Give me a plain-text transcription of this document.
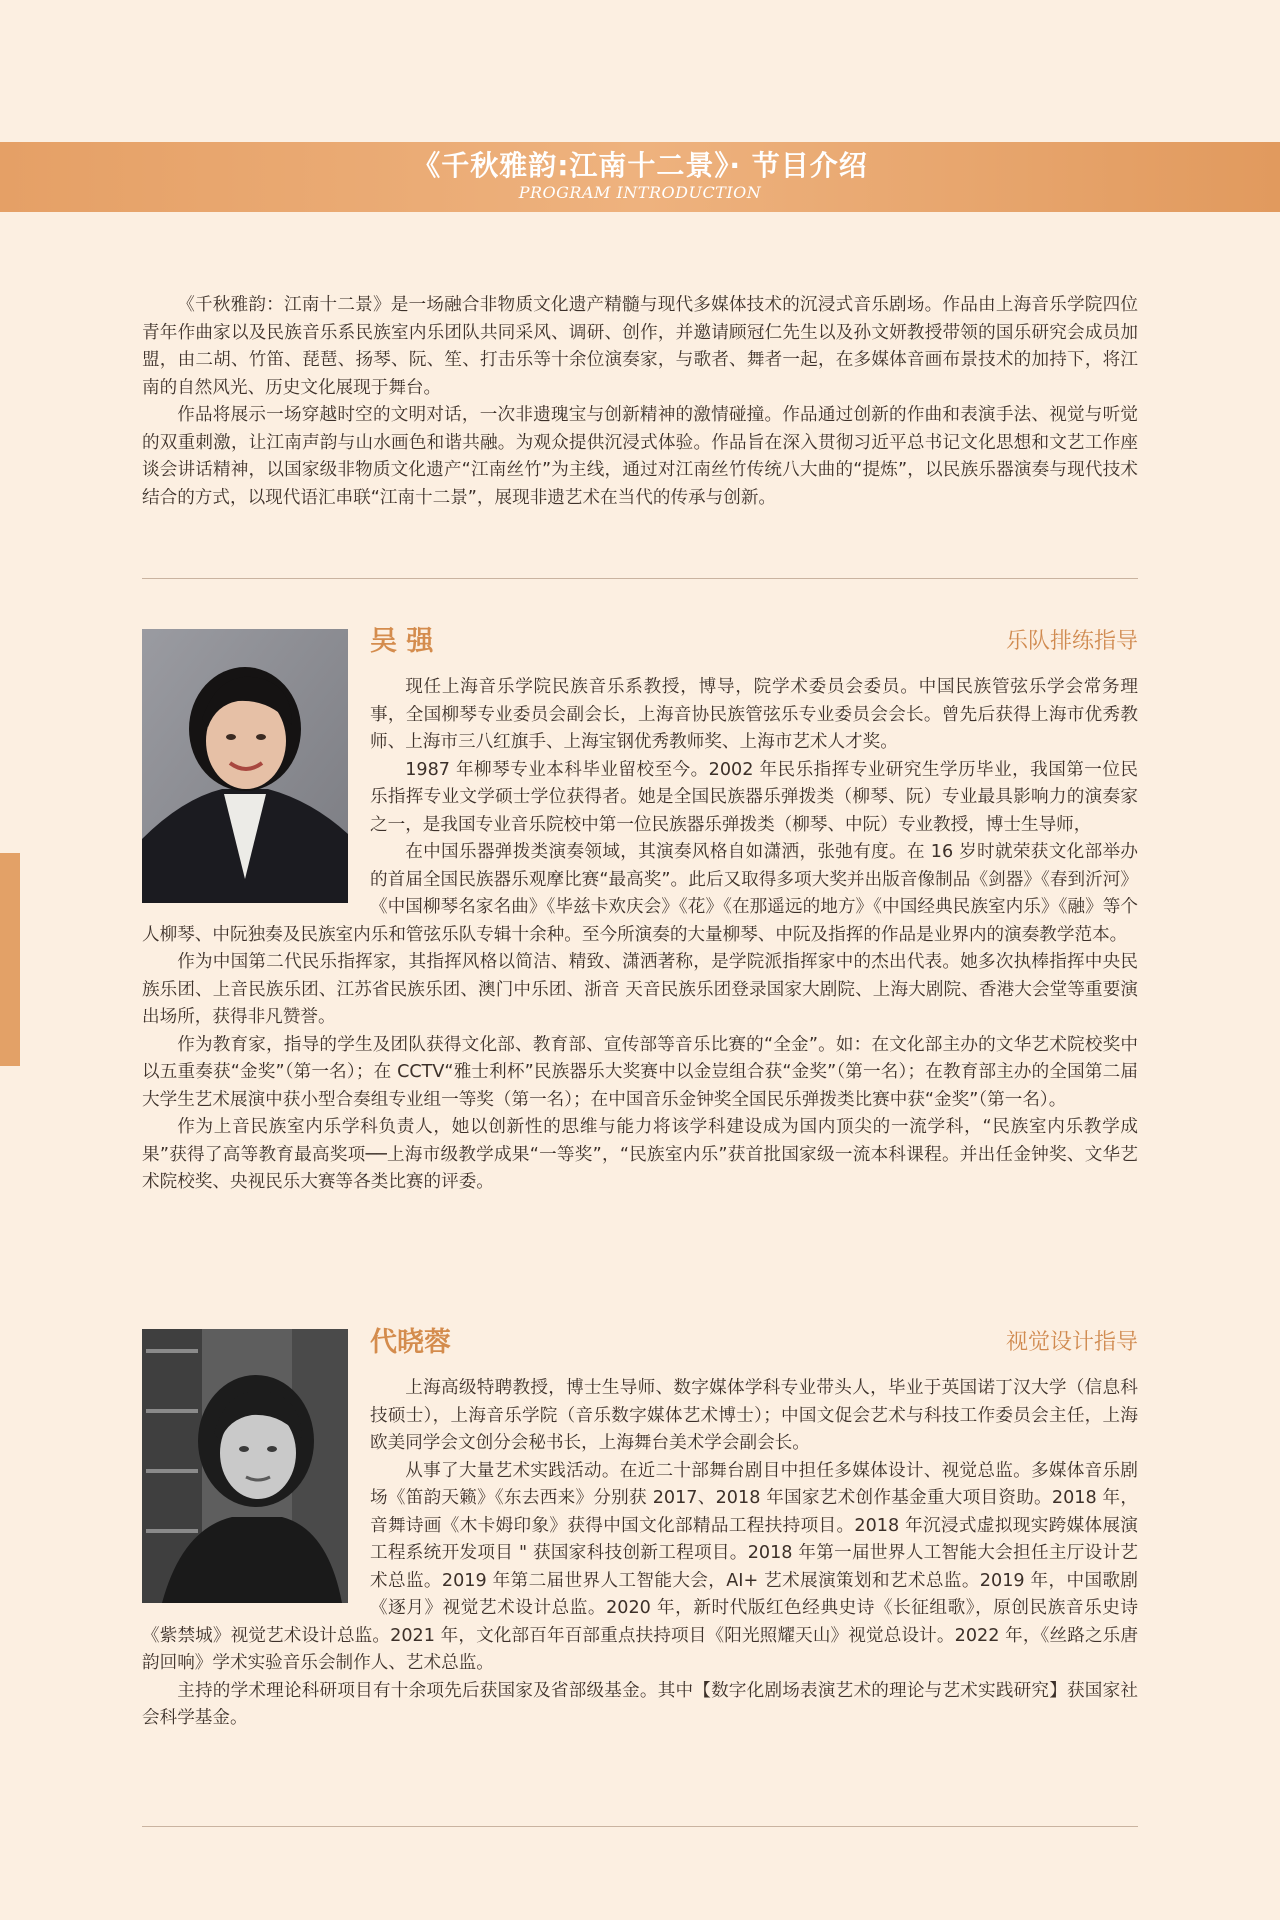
《千秋雅韵:江南十二景》· 节目介绍
PROGRAM INTRODUCTION

《千秋雅韵：江南十二景》是一场融合非物质文化遗产精髓与现代多媒体技术的沉浸式音乐剧场。作品由上海音乐学院四位青年作曲家以及民族音乐系民族室内乐团队共同采风、调研、创作，并邀请顾冠仁先生以及孙文妍教授带领的国乐研究会成员加盟，由二胡、竹笛、琵琶、扬琴、阮、笙、打击乐等十余位演奏家，与歌者、舞者一起，在多媒体音画布景技术的加持下，将江南的自然风光、历史文化展现于舞台。

作品将展示一场穿越时空的文明对话，一次非遗瑰宝与创新精神的激情碰撞。作品通过创新的作曲和表演手法、视觉与听觉的双重刺激，让江南声韵与山水画色和谐共融。为观众提供沉浸式体验。作品旨在深入贯彻习近平总书记文化思想和文艺工作座谈会讲话精神，以国家级非物质文化遗产“江南丝竹”为主线，通过对江南丝竹传统八大曲的“提炼”，以民族乐器演奏与现代技术结合的方式，以现代语汇串联“江南十二景”，展现非遗艺术在当代的传承与创新。

吴 强	乐队排练指导

现任上海音乐学院民族音乐系教授，博导，院学术委员会委员。中国民族管弦乐学会常务理事，全国柳琴专业委员会副会长，上海音协民族管弦乐专业委员会会长。曾先后获得上海市优秀教师、上海市三八红旗手、上海宝钢优秀教师奖、上海市艺术人才奖。

1987 年柳琴专业本科毕业留校至今。2002 年民乐指挥专业研究生学历毕业，我国第一位民乐指挥专业文学硕士学位获得者。她是全国民族器乐弹拨类（柳琴、阮）专业最具影响力的演奏家之一，是我国专业音乐院校中第一位民族器乐弹拨类（柳琴、中阮）专业教授，博士生导师，

在中国乐器弹拨类演奏领域，其演奏风格自如潇洒，张弛有度。在 16 岁时就荣获文化部举办的首届全国民族器乐观摩比赛“最高奖”。此后又取得多项大奖并出版音像制品《剑器》《春到沂河》《中国柳琴名家名曲》《毕兹卡欢庆会》《花》《在那遥远的地方》《中国经典民族室内乐》《融》等个人柳琴、中阮独奏及民族室内乐和管弦乐队专辑十余种。至今所演奏的大量柳琴、中阮及指挥的作品是业界内的演奏教学范本。

作为中国第二代民乐指挥家，其指挥风格以简洁、精致、潇洒著称，是学院派指挥家中的杰出代表。她多次执棒指挥中央民族乐团、上音民族乐团、江苏省民族乐团、澳门中乐团、浙音 天音民族乐团登录国家大剧院、上海大剧院、香港大会堂等重要演出场所，获得非凡赞誉。

作为教育家，指导的学生及团队获得文化部、教育部、宣传部等音乐比赛的“全金”。如：在文化部主办的文华艺术院校奖中以五重奏获“金奖”（第一名）；在 CCTV“雅士利杯”民族器乐大奖赛中以金豈组合获“金奖”（第一名）；在教育部主办的全国第二届大学生艺术展演中获小型合奏组专业组一等奖（第一名）；在中国音乐金钟奖全国民乐弹拨类比赛中获“金奖”（第一名）。

作为上音民族室内乐学科负责人，她以创新性的思维与能力将该学科建设成为国内顶尖的一流学科，“民族室内乐教学成果”获得了高等教育最高奖项──上海市级教学成果“一等奖”，“民族室内乐”获首批国家级一流本科课程。并出任金钟奖、文华艺术院校奖、央视民乐大赛等各类比赛的评委。

代晓蓉	视觉设计指导

上海高级特聘教授，博士生导师、数字媒体学科专业带头人，毕业于英国诺丁汉大学（信息科技硕士），上海音乐学院（音乐数字媒体艺术博士）；中国文促会艺术与科技工作委员会主任，上海欧美同学会文创分会秘书长，上海舞台美术学会副会长。

从事了大量艺术实践活动。在近二十部舞台剧目中担任多媒体设计、视觉总监。多媒体音乐剧场《笛韵天籁》《东去西来》分别获 2017、2018 年国家艺术创作基金重大项目资助。2018 年，音舞诗画《木卡姆印象》获得中国文化部精品工程扶持项目。2018 年沉浸式虚拟现实跨媒体展演工程系统开发项目 " 获国家科技创新工程项目。2018 年第一届世界人工智能大会担任主厅设计艺术总监。2019 年第二届世界人工智能大会，AI+ 艺术展演策划和艺术总监。2019 年，中国歌剧《逐月》视觉艺术设计总监。2020 年，新时代版红色经典史诗《长征组歌》，原创民族音乐史诗《紫禁城》视觉艺术设计总监。2021 年，文化部百年百部重点扶持项目《阳光照耀天山》视觉总设计。2022 年，《丝路之乐唐韵回响》学术实验音乐会制作人、艺术总监。

主持的学术理论科研项目有十余项先后获国家及省部级基金。其中【数字化剧场表演艺术的理论与艺术实践研究】获国家社会科学基金。
